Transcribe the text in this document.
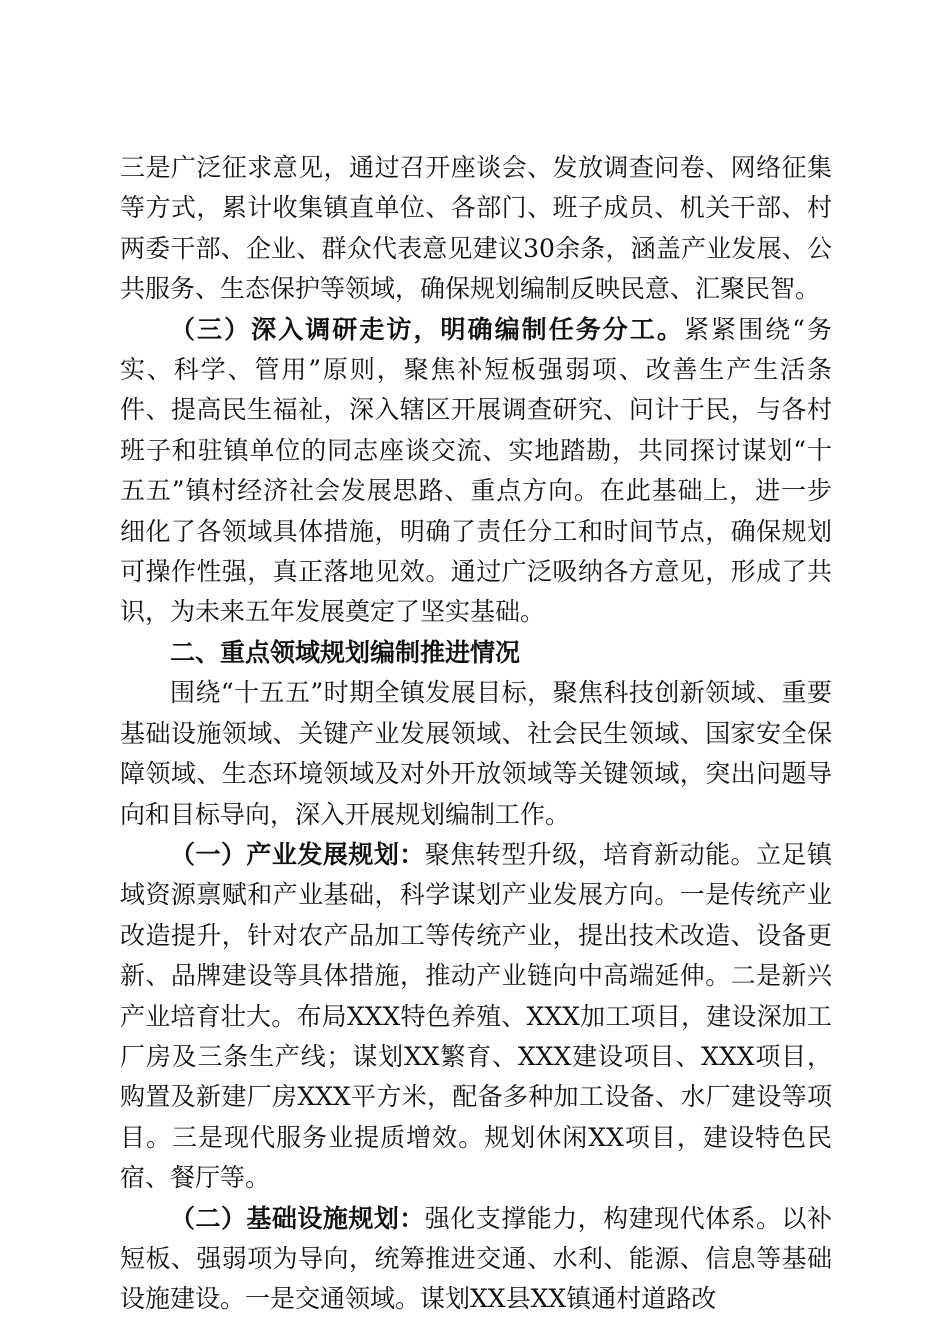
三是广泛征求意见，通过召开座谈会、发放调查问卷、网络征集等方式，累计收集镇直单位、各部门、班子成员、机关干部、村两委干部、企业、群众代表意见建议30余条，涵盖产业发展、公共服务、生态保护等领域，确保规划编制反映民意、汇聚民智。

（三）深入调研走访，明确编制任务分工。紧紧围绕“务实、科学、管用”原则，聚焦补短板强弱项、改善生产生活条件、提高民生福祉，深入辖区开展调查研究、问计于民，与各村班子和驻镇单位的同志座谈交流、实地踏勘，共同探讨谋划“十五五”镇村经济社会发展思路、重点方向。在此基础上，进一步细化了各领域具体措施，明确了责任分工和时间节点，确保规划可操作性强，真正落地见效。通过广泛吸纳各方意见，形成了共识，为未来五年发展奠定了坚实基础。

二、重点领域规划编制推进情况

围绕“十五五”时期全镇发展目标，聚焦科技创新领域、重要基础设施领域、关键产业发展领域、社会民生领域、国家安全保障领域、生态环境领域及对外开放领域等关键领域，突出问题导向和目标导向，深入开展规划编制工作。

（一）产业发展规划：聚焦转型升级，培育新动能。立足镇域资源禀赋和产业基础，科学谋划产业发展方向。一是传统产业改造提升，针对农产品加工等传统产业，提出技术改造、设备更新、品牌建设等具体措施，推动产业链向中高端延伸。二是新兴产业培育壮大。布局XXX特色养殖、XXX加工项目，建设深加工厂房及三条生产线；谋划XX繁育、XXX建设项目、XXX项目，购置及新建厂房XXX平方米，配备多种加工设备、水厂建设等项目。三是现代服务业提质增效。规划休闲XX项目，建设特色民宿、餐厅等。

（二）基础设施规划：强化支撑能力，构建现代体系。以补短板、强弱项为导向，统筹推进交通、水利、能源、信息等基础设施建设。一是交通领域。谋划XX县XX镇通村道路改
